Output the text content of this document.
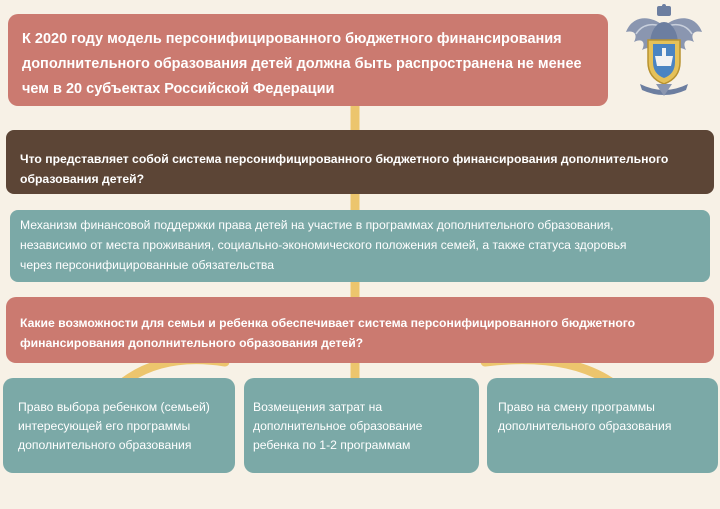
К 2020 году модель персонифицированного бюджетного финансирования
дополнительного образования детей должна быть распространена не менее
чем в 20 субъектах Российской Федерации
Что представляет собой система персонифицированного бюджетного финансирования дополнительного
образования детей?
Механизм финансовой поддержки права детей на участие в программах дополнительного образования,
независимо от места проживания, социально-экономического положения семей, а также статуса здоровья
через персонифицированные обязательства
Какие возможности для семьи и ребенка обеспечивает система персонифицированного бюджетного
финансирования дополнительного образования детей?
Право выбора ребенком (семьей)
интересующей его программы
дополнительного образования
Возмещения затрат на
дополнительное образование
ребенка по 1-2 программам
Право на смену программы
дополнительного образования
